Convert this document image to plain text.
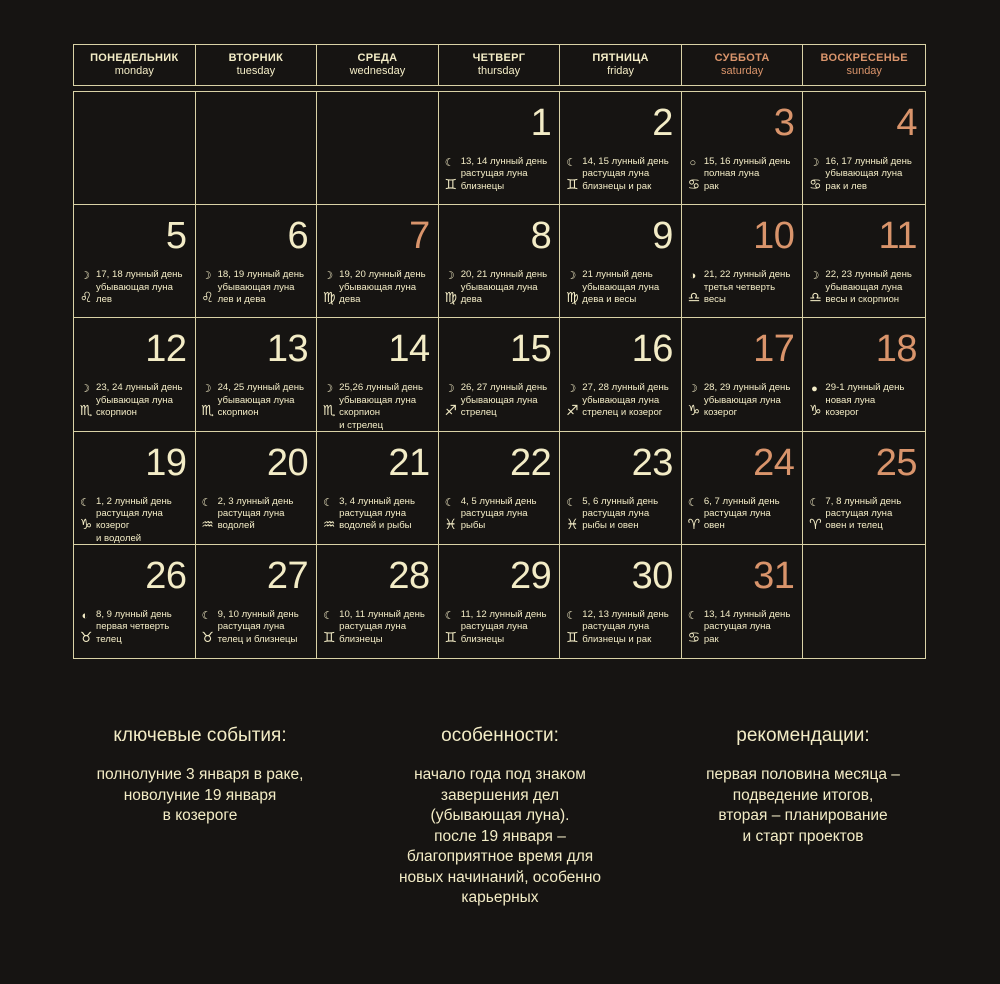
ПОНЕДЕЛЬНИК
monday
ВТОРНИК
tuesday
СРЕДА
wednesday
ЧЕТВЕРГ
thursday
ПЯТНИЦА
friday
СУББОТА
saturday
ВОСКРЕСЕНЬЕ
sunday
1
☾
♊
13, 14 лунный день
растущая луна
близнецы
2
☾
♊
14, 15 лунный день
растущая луна
близнецы и рак
3
○
♋
15, 16 лунный день
полная луна
рак
4
☽
♋
16, 17 лунный день
убывающая луна
рак и лев
5
☽
♌
17, 18 лунный день
убывающая луна
лев
6
☽
♌
18, 19 лунный день
убывающая луна
лев и дева
7
☽
♍
19, 20 лунный день
убывающая луна
дева
8
☽
♍
20, 21 лунный день
убывающая луна
дева
9
☽
♍
21 лунный день
убывающая луна
дева и весы
10
◑
♎
21, 22 лунный день
третья четверть
весы
11
☽
♎
22, 23 лунный день
убывающая луна
весы и скорпион
12
☽
♏
23, 24 лунный день
убывающая луна
скорпион
13
☽
♏
24, 25 лунный день
убывающая луна
скорпион
14
☽
♏
25,26 лунный день
убывающая луна
скорпион
и стрелец
15
☽
♐
26, 27 лунный день
убывающая луна
стрелец
16
☽
♐
27, 28 лунный день
убывающая луна
стрелец и козерог
17
☽
♑
28, 29 лунный день
убывающая луна
козерог
18
●
♑
29-1 лунный день
новая луна
козерог
19
☾
♑
1, 2 лунный день
растущая луна
козерог
и водолей
20
☾
♒
2, 3 лунный день
растущая луна
водолей
21
☾
♒
3, 4 лунный день
растущая луна
водолей и рыбы
22
☾
♓
4, 5 лунный день
растущая луна
рыбы
23
☾
♓
5, 6 лунный день
растущая луна
рыбы и овен
24
☾
♈
6, 7 лунный день
растущая луна
овен
25
☾
♈
7, 8 лунный день
растущая луна
овен и телец
26
◐
♉
8, 9 лунный день
первая четверть
телец
27
☾
♉
9, 10 лунный день
растущая луна
телец и близнецы
28
☾
♊
10, 11 лунный день
растущая луна
близнецы
29
☾
♊
11, 12 лунный день
растущая луна
близнецы
30
☾
♊
12, 13 лунный день
растущая луна
близнецы и рак
31
☾
♋
13, 14 лунный день
растущая луна
рак
ключевые события:
полнолуние 3 января в раке,
новолуние 19 января
в козероге
особенности:
начало года под знаком
завершения дел
(убывающая луна).
после 19 января –
благоприятное время для
новых начинаний, особенно
карьерных
рекомендации:
первая половина месяца –
подведение итогов,
вторая – планирование
и старт проектов
